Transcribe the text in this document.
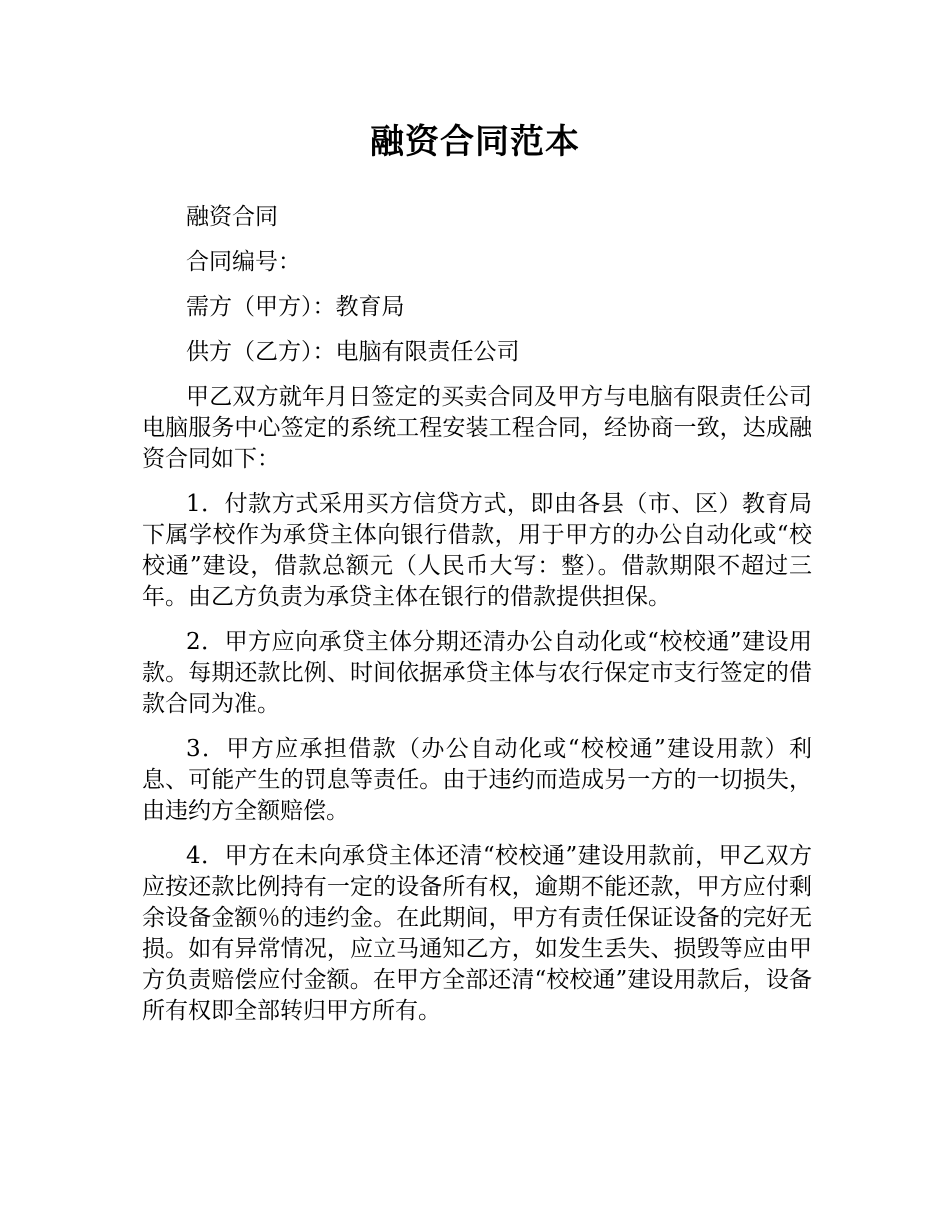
融资合同范本
融资合同
合同编号：
需方（甲方）：教育局
供方（乙方）：电脑有限责任公司

甲乙双方就年月日签定的买卖合同及甲方与电脑有限责任公司电脑服务中心签定的系统工程安装工程合同，经协商一致，达成融资合同如下：

1．付款方式采用买方信贷方式，即由各县（市、区）教育局下属学校作为承贷主体向银行借款，用于甲方的办公自动化或“校校通”建设，借款总额元（人民币大写：整）。借款期限不超过三年。由乙方负责为承贷主体在银行的借款提供担保。

2．甲方应向承贷主体分期还清办公自动化或“校校通”建设用款。每期还款比例、时间依据承贷主体与农行保定市支行签定的借款合同为准。

3．甲方应承担借款（办公自动化或“校校通”建设用款）利息、可能产生的罚息等责任。由于违约而造成另一方的一切损失，由违约方全额赔偿。

4．甲方在未向承贷主体还清“校校通”建设用款前，甲乙双方应按还款比例持有一定的设备所有权，逾期不能还款，甲方应付剩余设备金额％的违约金。在此期间，甲方有责任保证设备的完好无损。如有异常情况，应立马通知乙方，如发生丢失、损毁等应由甲方负责赔偿应付金额。在甲方全部还清“校校通”建设用款后，设备所有权即全部转归甲方所有。
